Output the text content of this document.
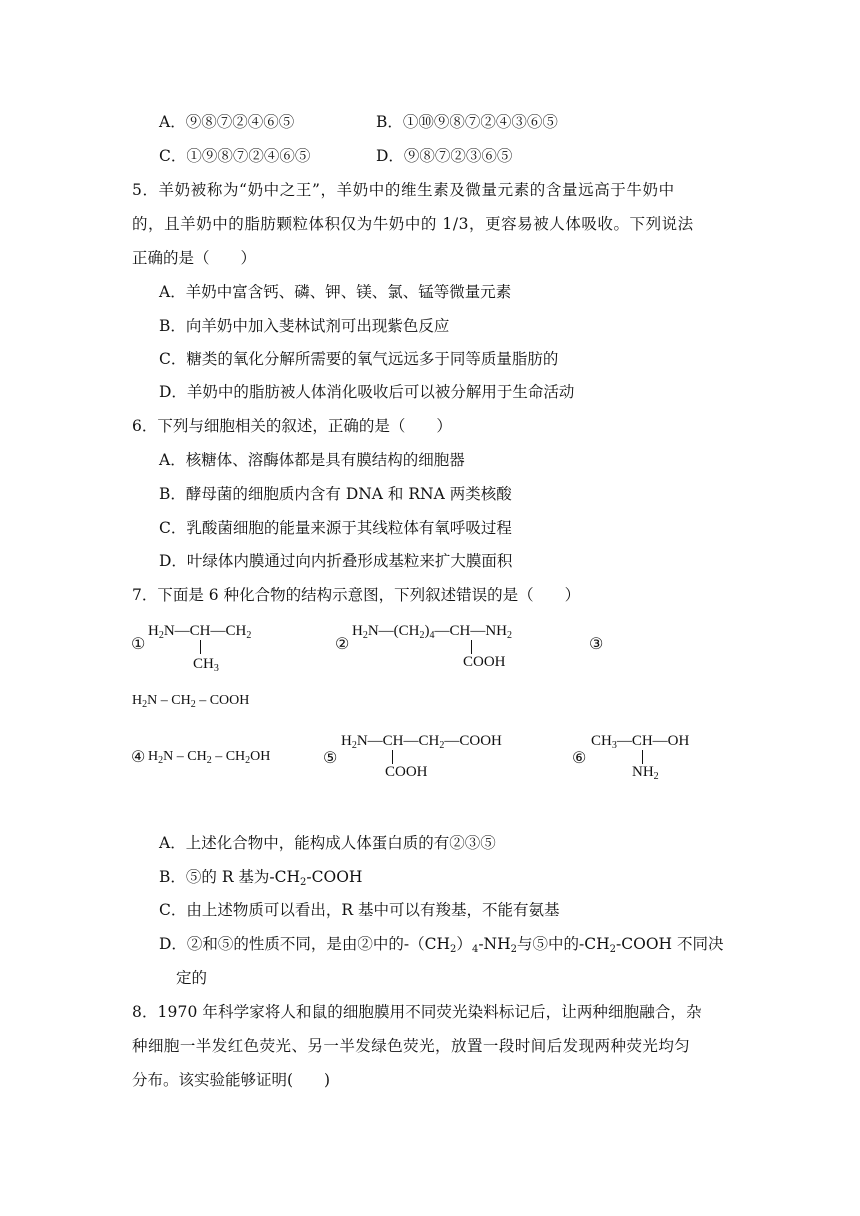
A．⑨⑧⑦②④⑥⑤	B．①⑩⑨⑧⑦②④③⑥⑤
C．①⑨⑧⑦②④⑥⑤	D．⑨⑧⑦②③⑥⑤
5．羊奶被称为“奶中之王”，羊奶中的维生素及微量元素的含量远高于牛奶中
的，且羊奶中的脂肪颗粒体积仅为牛奶中的 1/3，更容易被人体吸收。下列说法
正确的是（　　）
A．羊奶中富含钙、磷、钾、镁、氯、锰等微量元素
B．向羊奶中加入斐林试剂可出现紫色反应
C．糖类的氧化分解所需要的氧气远远多于同等质量脂肪的
D．羊奶中的脂肪被人体消化吸收后可以被分解用于生命活动
6．下列与细胞相关的叙述，正确的是（　　）
A．核糖体、溶酶体都是具有膜结构的细胞器
B．酵母菌的细胞质内含有 DNA 和 RNA 两类核酸
C．乳酸菌细胞的能量来源于其线粒体有氧呼吸过程
D．叶绿体内膜通过向内折叠形成基粒来扩大膜面积
7．下面是 6 种化合物的结构示意图，下列叙述错误的是（　　）
①
$H_2N—CH—CH_2$
$CH_3$
②
$H_2N—(CH_2)_4—CH—NH_2$
COOH
③
$H_2N - CH_2$ – COOH
④ $H_2N - CH_2 - CH_2OH$	⑤
$H_2N—CH—CH_2—COOH$
COOH
⑥
$CH_3—CH—OH$
$NH_2$
A．上述化合物中，能构成人体蛋白质的有②③⑤
B．⑤的 R 基为$-CH_2$-COOH
C．由上述物质可以看出，R 基中可以有羧基，不能有氨基
D．②和⑤的性质不同，是由②中的$-(CH_2)_4-NH_2$与⑤中的$-CH_2$-COOH 不同决
定的
8．1970 年科学家将人和鼠的细胞膜用不同荧光染料标记后，让两种细胞融合，杂
种细胞一半发红色荧光、另一半发绿色荧光，放置一段时间后发现两种荧光均匀
分布。该实验能够证明(　　)
